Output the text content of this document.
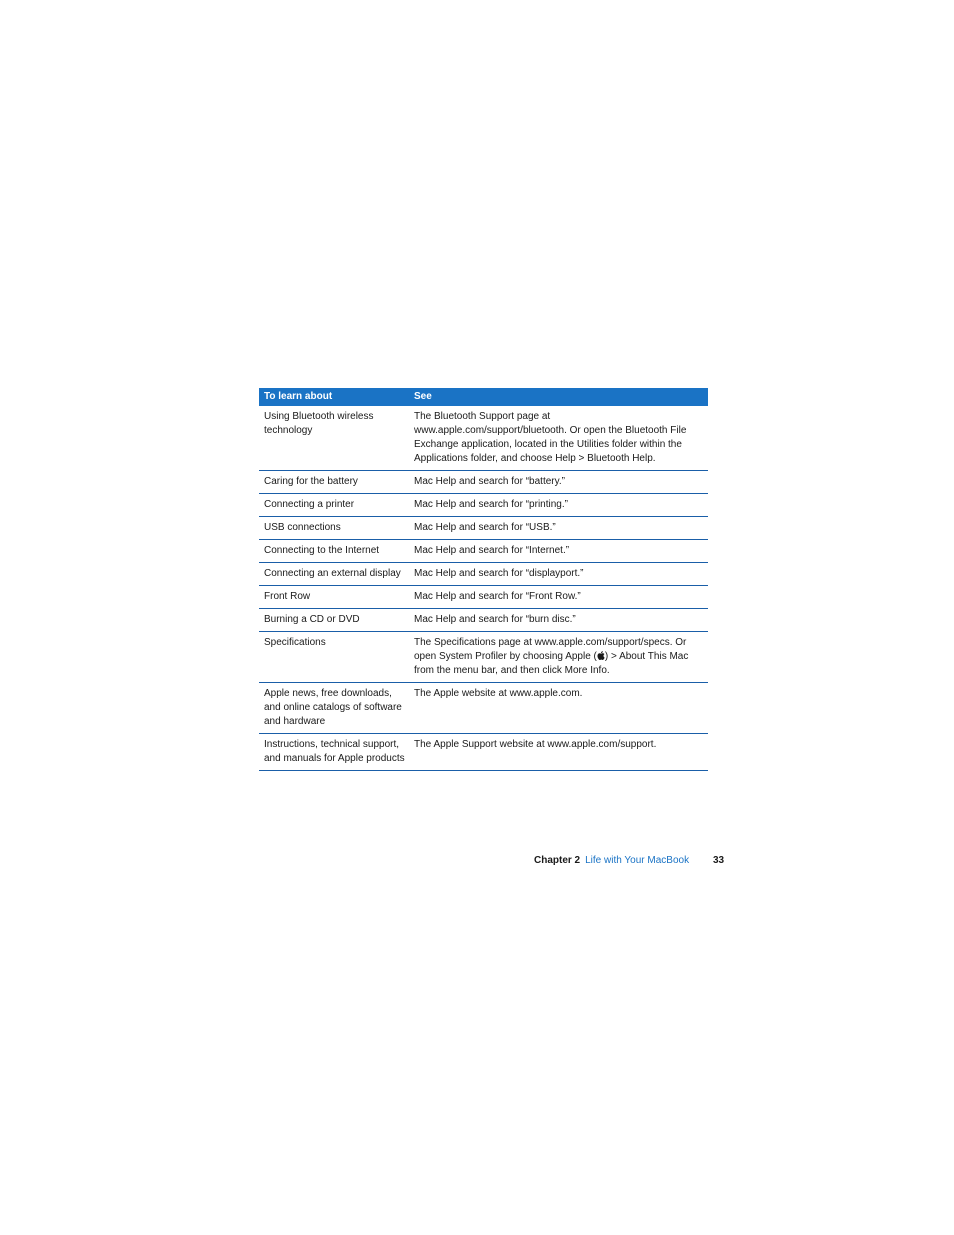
To learn about	See
Using Bluetooth wireless technology	The Bluetooth Support page at www.apple.com/support/bluetooth. Or open the Bluetooth File Exchange application, located in the Utilities folder within the Applications folder, and choose Help > Bluetooth Help.
Caring for the battery	Mac Help and search for “battery.”
Connecting a printer	Mac Help and search for “printing.”
USB connections	Mac Help and search for “USB.”
Connecting to the Internet	Mac Help and search for “Internet.”
Connecting an external display	Mac Help and search for “displayport.”
Front Row	Mac Help and search for “Front Row.”
Burning a CD or DVD	Mac Help and search for “burn disc.”
Specifications	The Specifications page at www.apple.com/support/specs. Or open System Profiler by choosing Apple ( ) > About This Mac from the menu bar, and then click More Info.
Apple news, free downloads, and online catalogs of software and hardware	The Apple website at www.apple.com.
Instructions, technical support, and manuals for Apple products	The Apple Support website at www.apple.com/support.
Chapter 2 Life with Your MacBook 33
